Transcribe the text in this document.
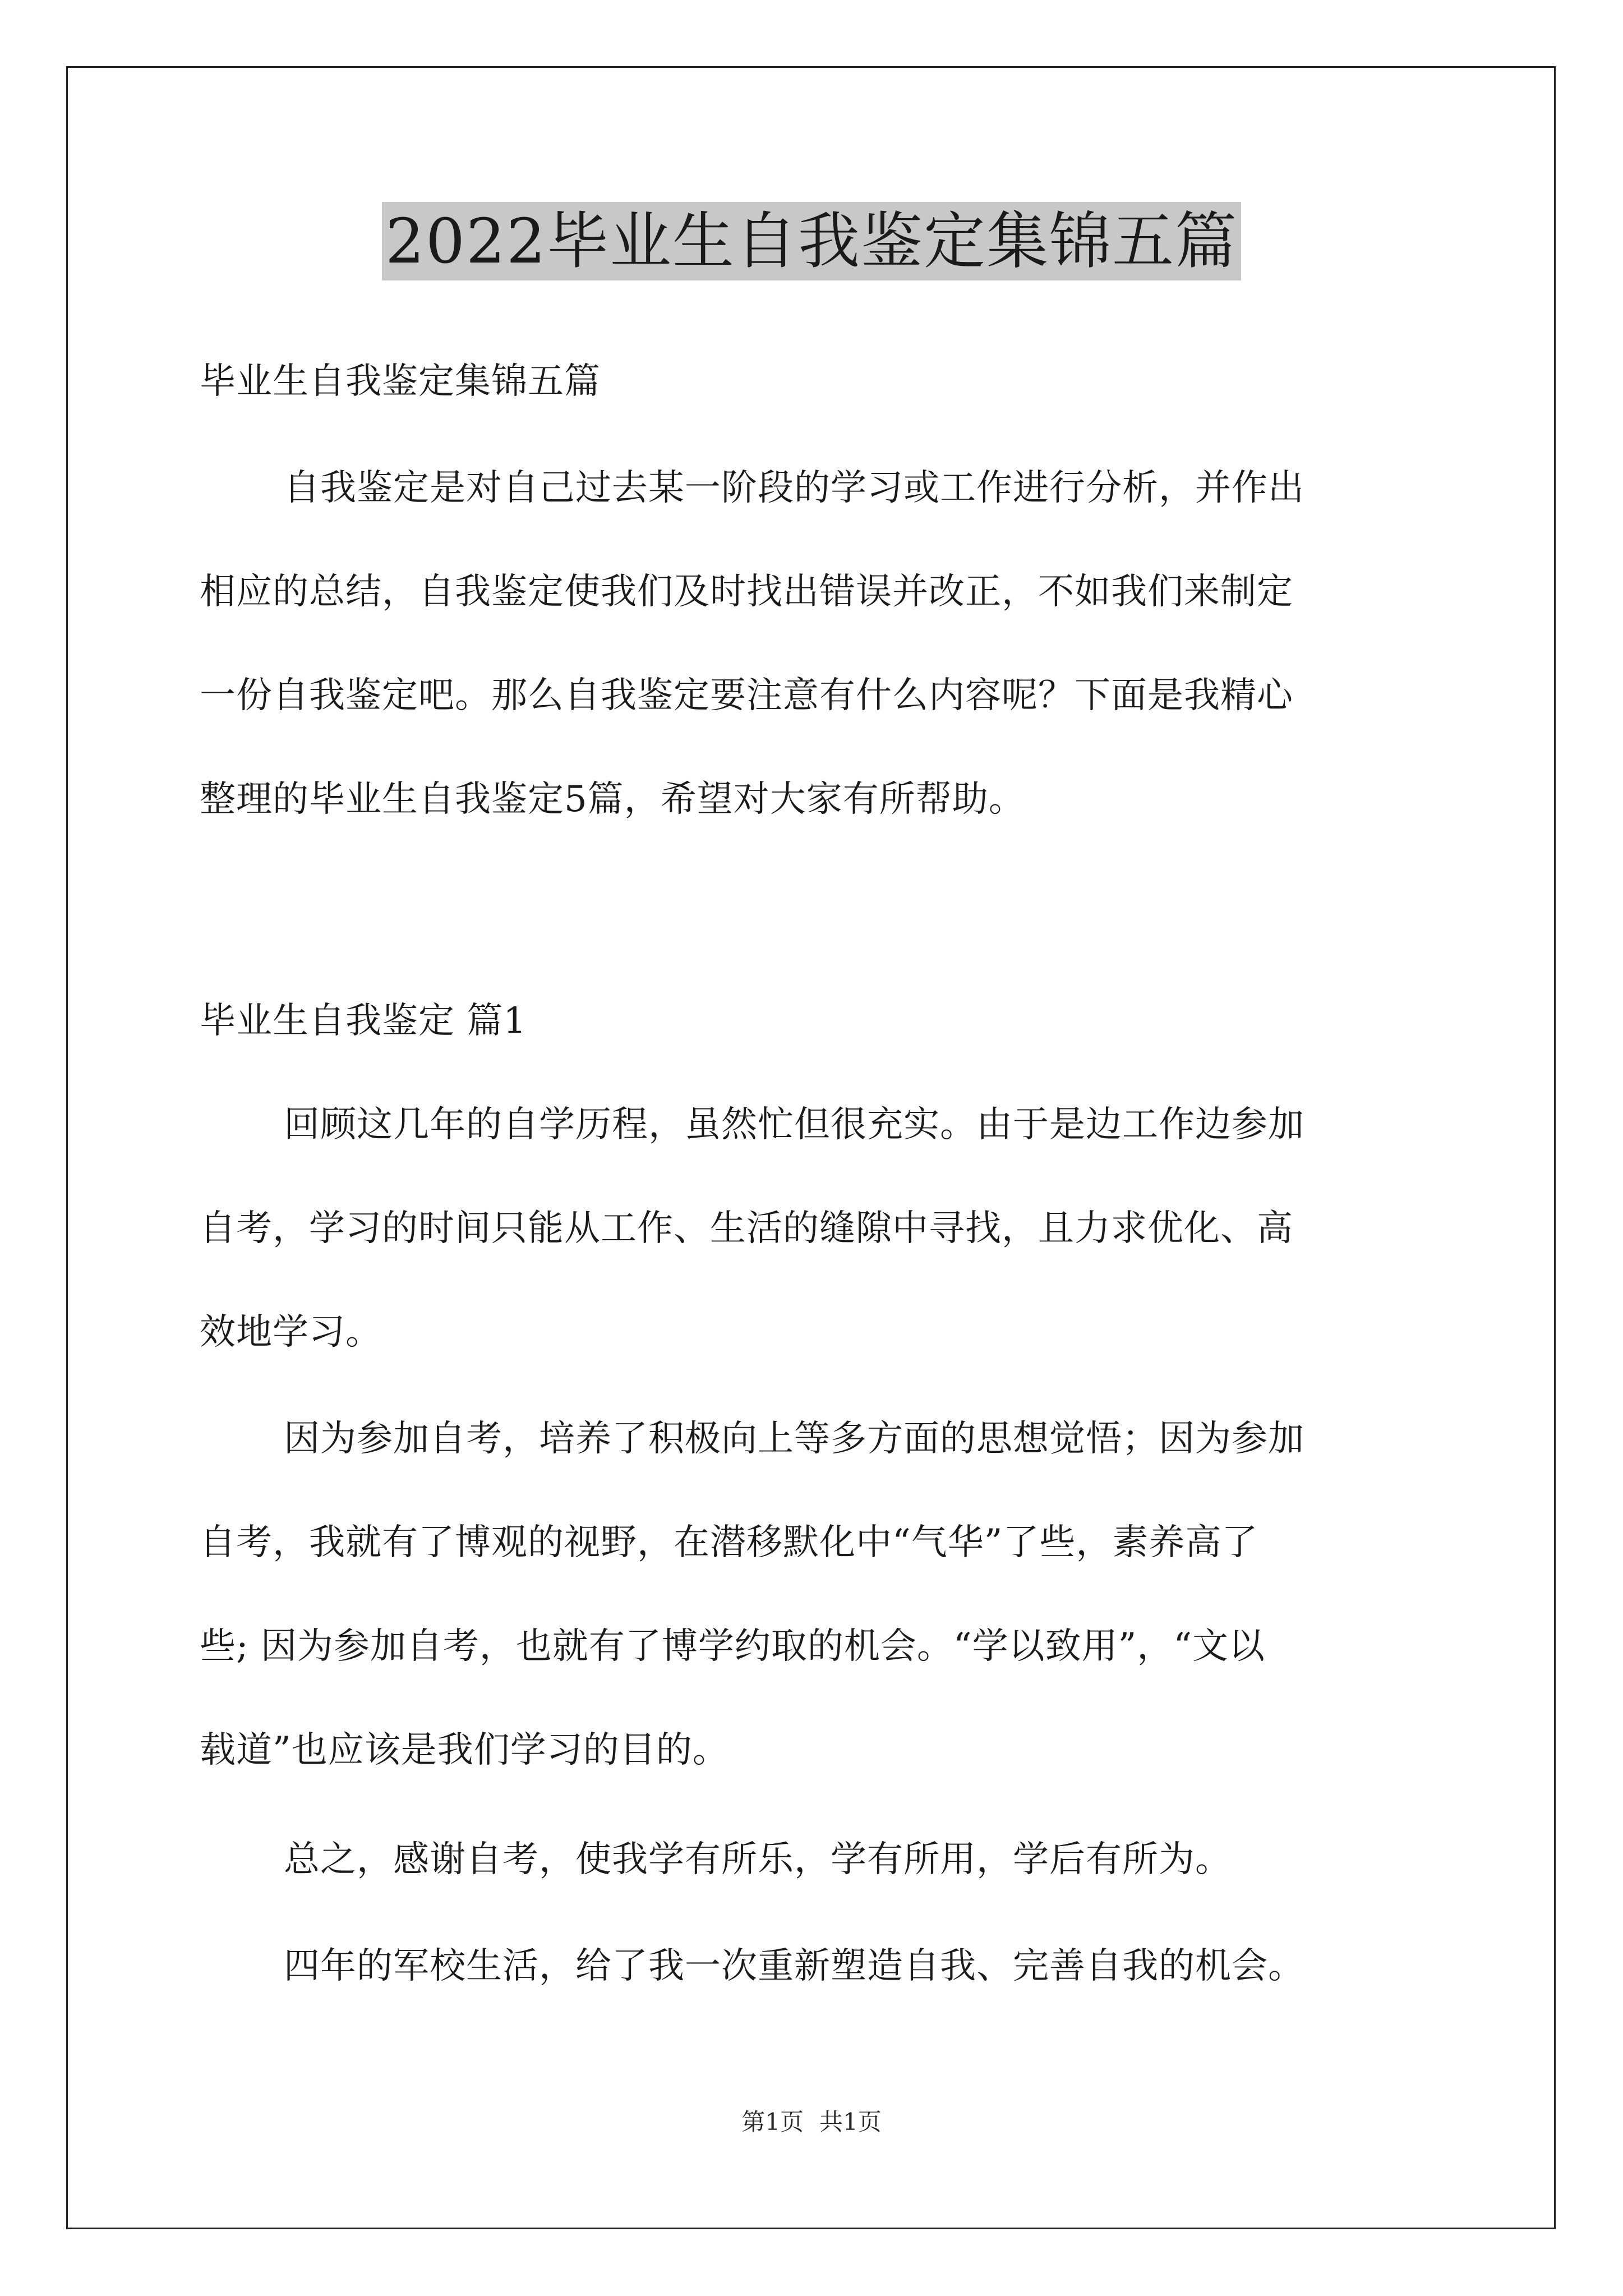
2022毕业生自我鉴定集锦五篇
毕业生自我鉴定集锦五篇
自我鉴定是对自己过去某一阶段的学习或工作进行分析，并作出
相应的总结，自我鉴定使我们及时找出错误并改正，不如我们来制定
一份自我鉴定吧。那么自我鉴定要注意有什么内容呢？下面是我精心
整理的毕业生自我鉴定5篇，希望对大家有所帮助。
毕业生自我鉴定 篇1
回顾这几年的自学历程，虽然忙但很充实。由于是边工作边参加
自考，学习的时间只能从工作、生活的缝隙中寻找，且力求优化、高
效地学习。
因为参加自考，培养了积极向上等多方面的思想觉悟；因为参加
自考，我就有了博观的视野，在潜移默化中“气华”了些，素养高了
些; 因为参加自考，也就有了博学约取的机会。“学以致用”，“文以
载道”也应该是我们学习的目的。
总之，感谢自考，使我学有所乐，学有所用，学后有所为。
四年的军校生活，给了我一次重新塑造自我、完善自我的机会。
第1页 共1页
